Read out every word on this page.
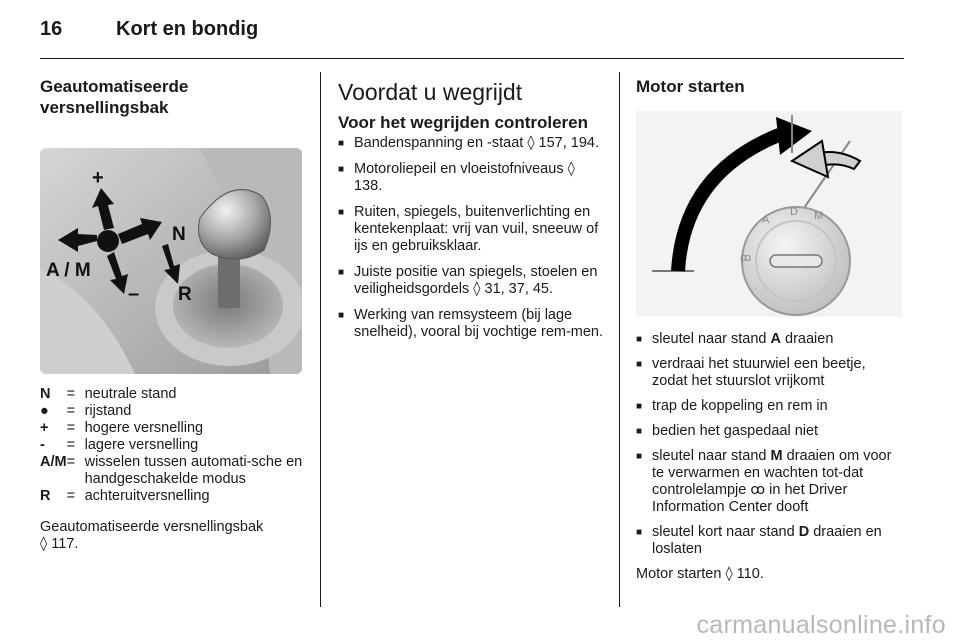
16	Kort en bondig
Geautomatiseerde versnellingsbak
+
N
A / M
– R
N	=	neutrale stand
●	=	rijstand
+	=	hogere versnelling
-	=	lagere versnelling
A/M	=	wisselen tussen automati-sche en handgeschakelde modus
R	=	achteruitversnelling

Geautomatiseerde versnellingsbak
◊ 117.

Voordat u wegrijdt
Voor het wegrijden controleren
■ Bandenspanning en -staat ◊ 157, 194.
■ Motoroliepeil en vloeistofniveaus ◊ 138.
■ Ruiten, spiegels, buitenverlichting en kentekenplaat: vrij van vuil, sneeuw of ijs en gebruiksklaar.
■ Juiste positie van spiegels, stoelen en veiligheidsgordels ◊ 31, 37, 45.
■ Werking van remsysteem (bij lage snelheid), vooral bij vochtige rem-men.
Motor starten
A
D M
ꝏ
■ sleutel naar stand A draaien
■ verdraai het stuurwiel een beetje, zodat het stuurslot vrijkomt
■ trap de koppeling en rem in
■ bedien het gaspedaal niet
■ sleutel naar stand M draaien om voor te verwarmen en wachten tot-dat controlelampje ꝏ in het Driver Information Center dooft
■ sleutel kort naar stand D draaien en loslaten

Motor starten ◊ 110.

carmanualsonline.info
